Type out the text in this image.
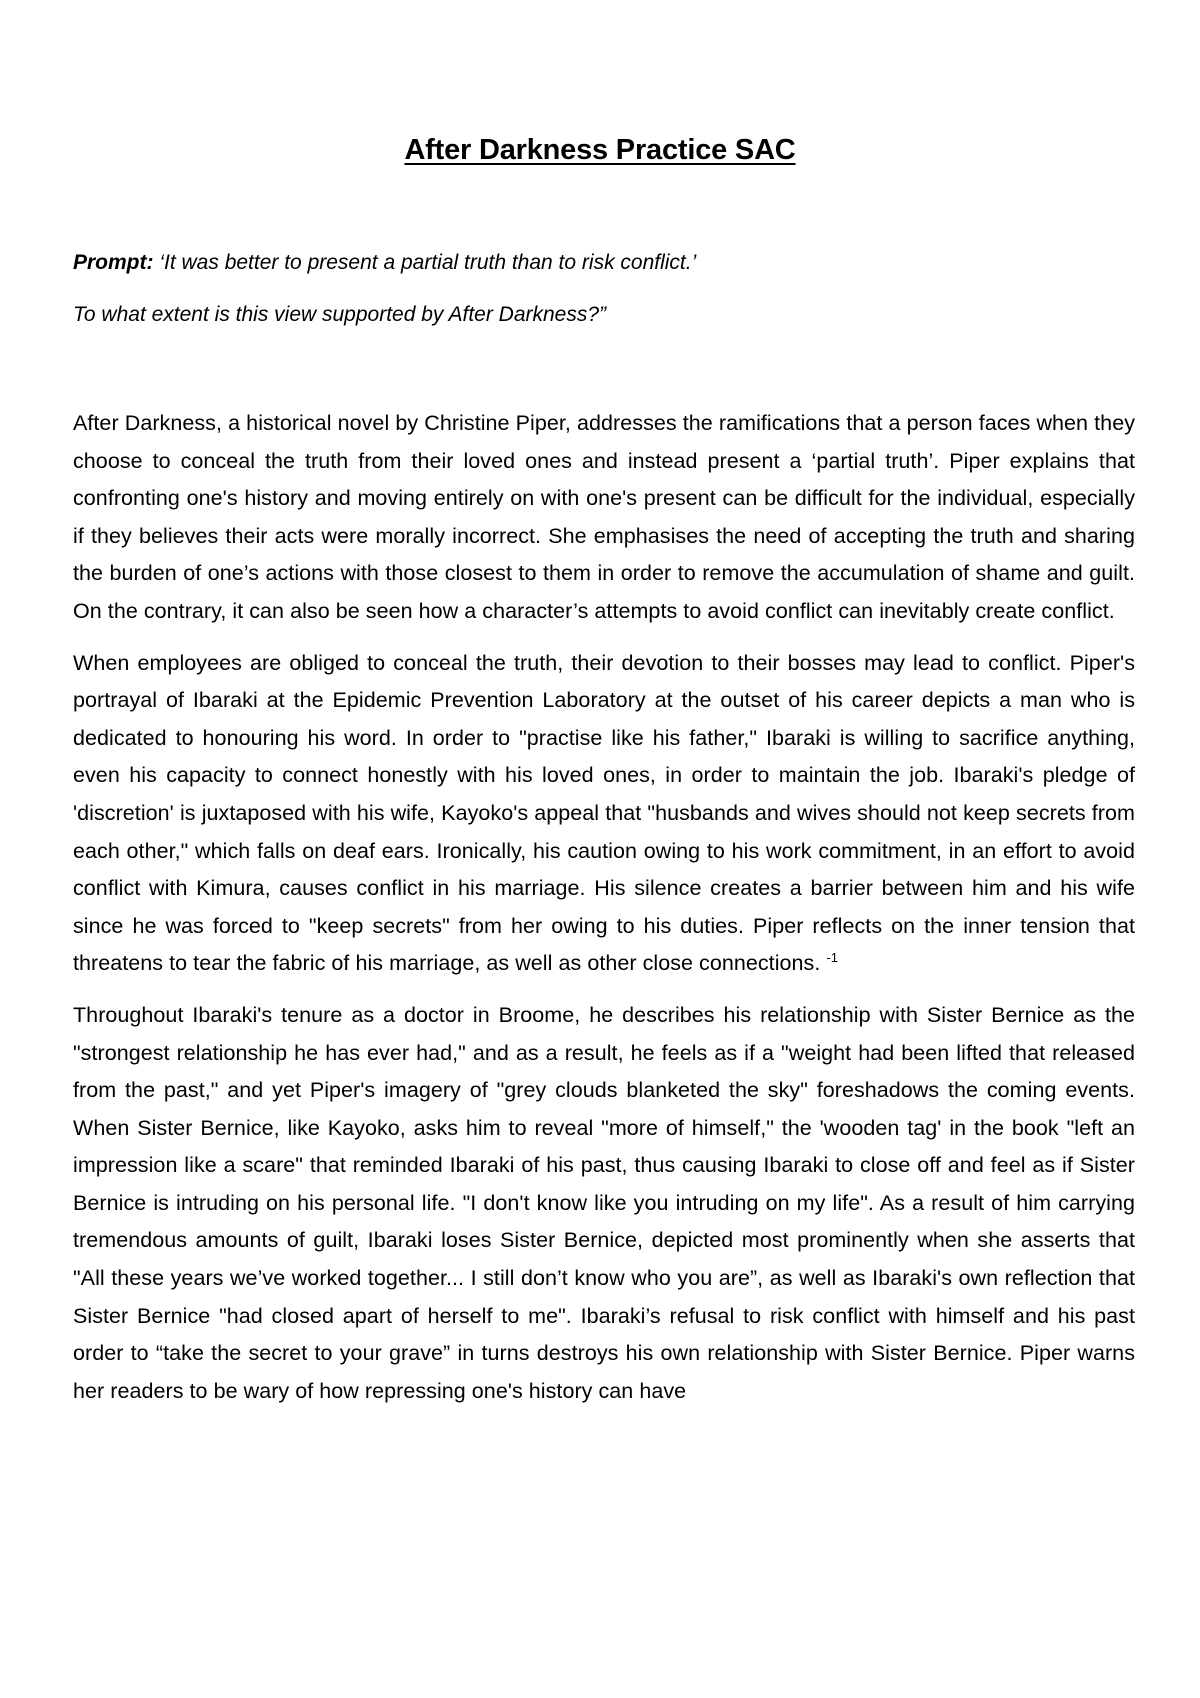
After Darkness Practice SAC
Prompt: ‘It was better to present a partial truth than to risk conflict.’
To what extent is this view supported by After Darkness?”

After Darkness, a historical novel by Christine Piper, addresses the ramifications that a person faces when they choose to conceal the truth from their loved ones and instead present a ‘partial truth’. Piper explains that confronting one's history and moving entirely on with one's present can be difficult for the individual, especially if they believes their acts were morally incorrect. She emphasises the need of accepting the truth and sharing the burden of one’s actions with those closest to them in order to remove the accumulation of shame and guilt. On the contrary, it can also be seen how a character’s attempts to avoid conflict can inevitably create conflict.

When employees are obliged to conceal the truth, their devotion to their bosses may lead to conflict. Piper's portrayal of Ibaraki at the Epidemic Prevention Laboratory at the outset of his career depicts a man who is dedicated to honouring his word. In order to "practise like his father," Ibaraki is willing to sacrifice anything, even his capacity to connect honestly with his loved ones, in order to maintain the job. Ibaraki's pledge of 'discretion' is juxtaposed with his wife, Kayoko's appeal that "husbands and wives should not keep secrets from each other," which falls on deaf ears. Ironically, his caution owing to his work commitment, in an effort to avoid conflict with Kimura, causes conflict in his marriage. His silence creates a barrier between him and his wife since he was forced to "keep secrets" from her owing to his duties. Piper reflects on the inner tension that threatens to tear the fabric of his marriage, as well as other close connections. $^{-1}$

Throughout Ibaraki's tenure as a doctor in Broome, he describes his relationship with Sister Bernice as the "strongest relationship he has ever had," and as a result, he feels as if a "weight had been lifted that released from the past," and yet Piper's imagery of "grey clouds blanketed the sky" foreshadows the coming events. When Sister Bernice, like Kayoko, asks him to reveal "more of himself," the 'wooden tag' in the book "left an impression like a scare" that reminded Ibaraki of his past, thus causing Ibaraki to close off and feel as if Sister Bernice is intruding on his personal life. "I don't know like you intruding on my life". As a result of him carrying tremendous amounts of guilt, Ibaraki loses Sister Bernice, depicted most prominently when she asserts that "All these years we’ve worked together... I still don’t know who you are”, as well as Ibaraki's own reflection that Sister Bernice "had closed apart of herself to me". Ibaraki’s refusal to risk conflict with himself and his past order to “take the secret to your grave” in turns destroys his own relationship with Sister Bernice. Piper warns her readers to be wary of how repressing one's history can have
